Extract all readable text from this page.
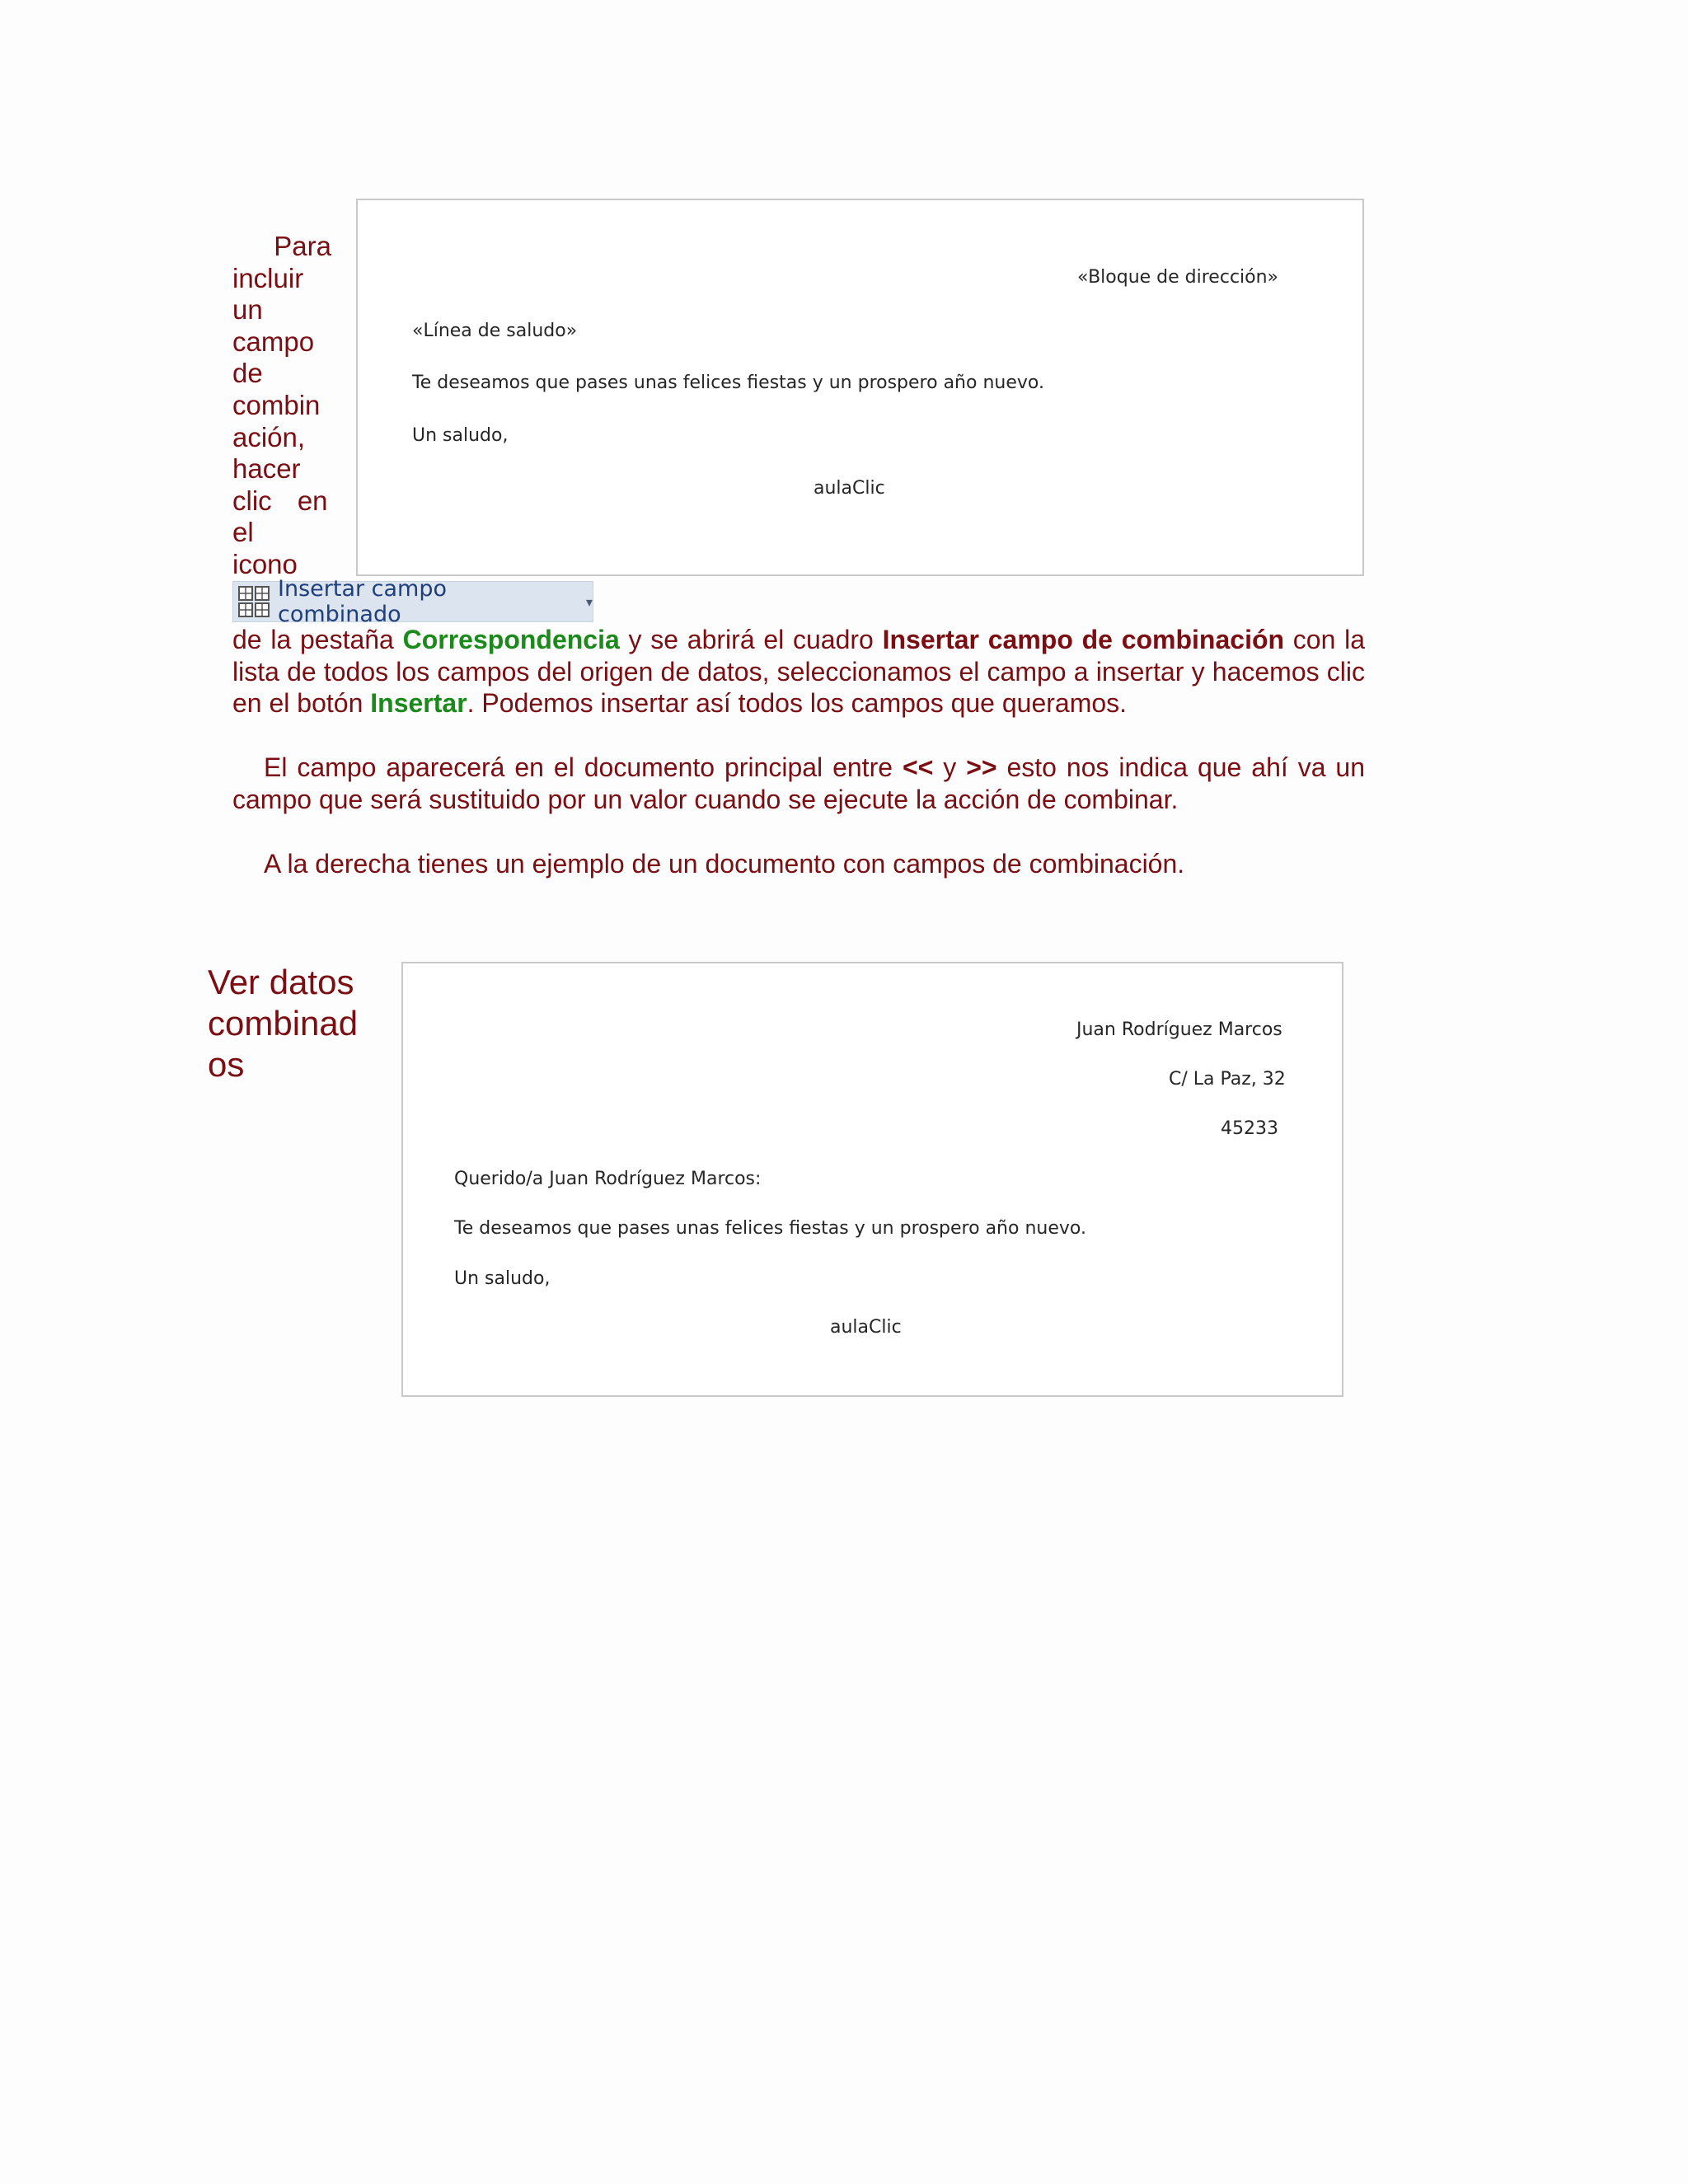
Para

incluir

un

campo

de

combin

ación,

hacer

clic en

el

icono

«Bloque de dirección»
«Línea de saludo»
Te deseamos que pases unas felices fiestas y un prospero año nuevo.
Un saludo,
aulaClic
Insertar campo combinado	▾
de la pestaña Correspondencia y se abrirá el cuadro Insertar campo de combinación con la lista de todos los campos del origen de datos, seleccionamos el campo a insertar y hacemos clic en el botón Insertar. Podemos insertar así todos los campos que queramos.
El campo aparecerá en el documento principal entre << y >> esto nos indica que ahí va un campo que será sustituido por un valor cuando se ejecute la acción de combinar.
A la derecha tienes un ejemplo de un documento con campos de combinación.
Ver datos
combinad
os
Juan Rodríguez Marcos
C/ La Paz, 32
45233
Querido/a Juan Rodríguez Marcos:
Te deseamos que pases unas felices fiestas y un prospero año nuevo.
Un saludo,
aulaClic
